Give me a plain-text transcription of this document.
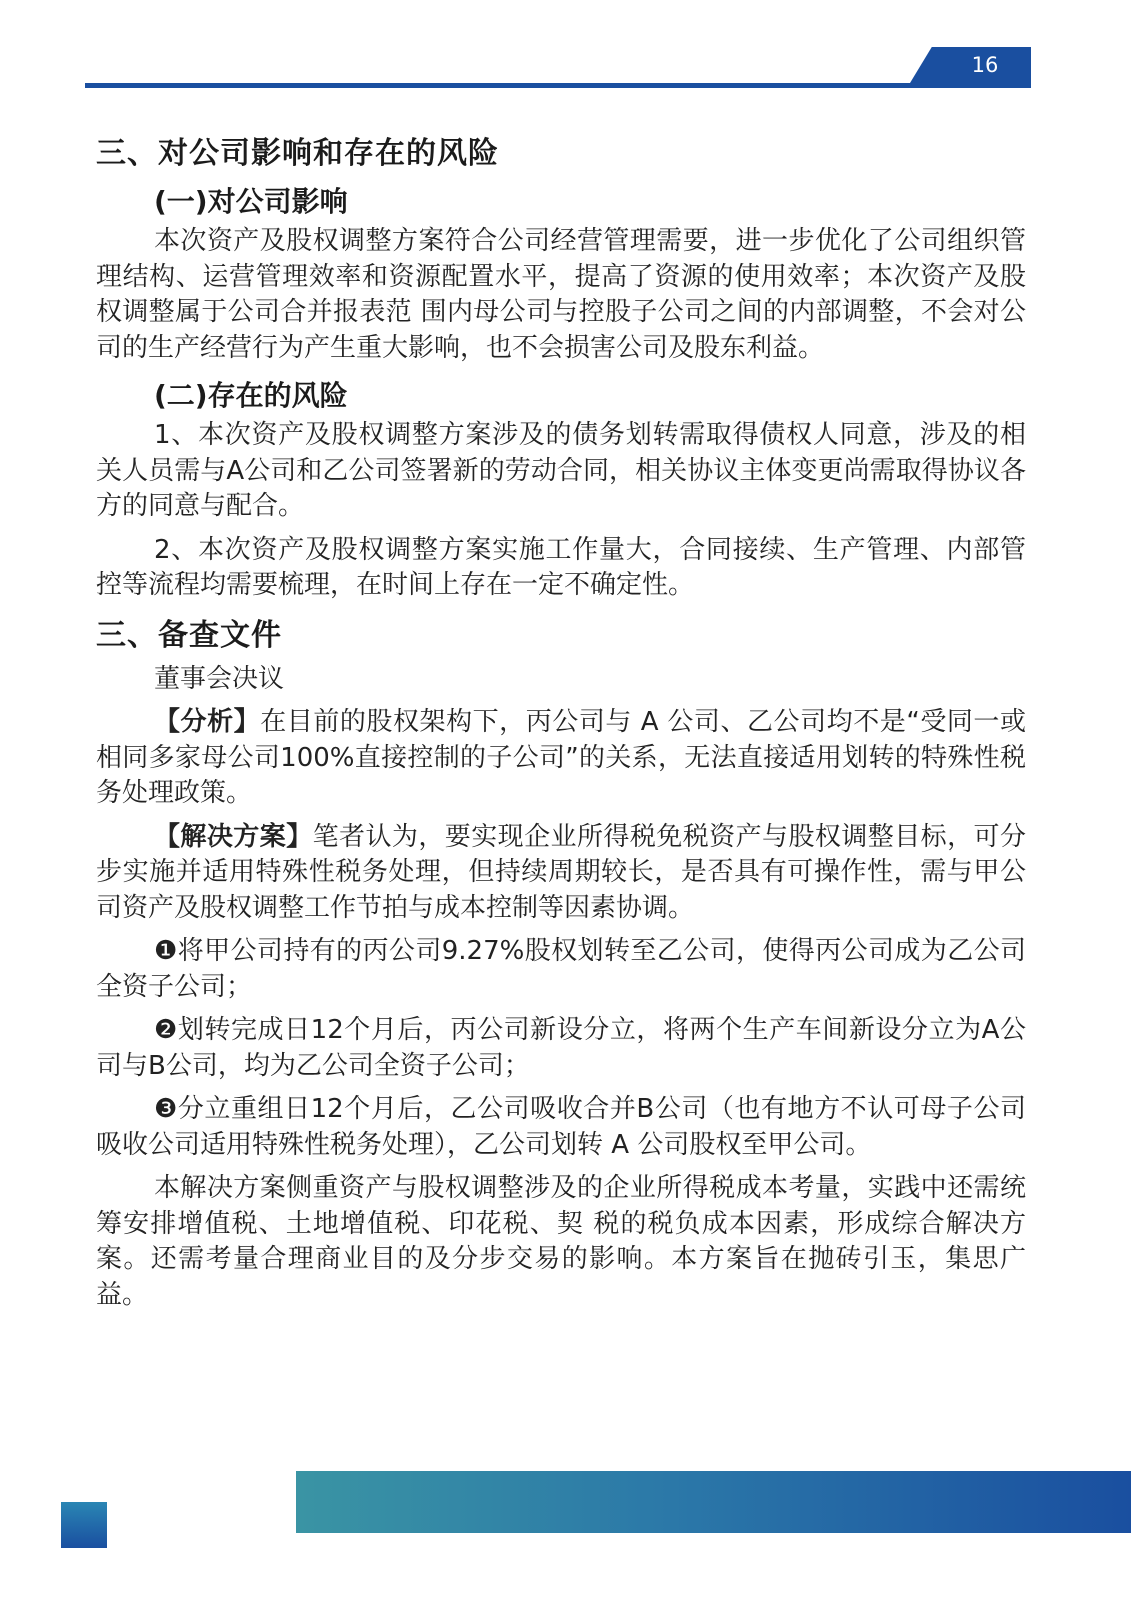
16
三、对公司影响和存在的风险
(一)对公司影响

本次资产及股权调整方案符合公司经营管理需要，进一步优化了公司组织管理结构、运营管理效率和资源配置水平，提高了资源的使用效率；本次资产及股权调整属于公司合并报表范 围内母公司与控股子公司之间的内部调整，不会对公司的生产经营行为产生重大影响，也不会损害公司及股东利益。

(二)存在的风险

1、本次资产及股权调整方案涉及的债务划转需取得债权人同意，涉及的相关人员需与A公司和乙公司签署新的劳动合同，相关协议主体变更尚需取得协议各方的同意与配合。

2、本次资产及股权调整方案实施工作量大，合同接续、生产管理、内部管控等流程均需要梳理，在时间上存在一定不确定性。

三、备查文件

董事会决议

【分析】在目前的股权架构下，丙公司与 A 公司、乙公司均不是“受同一或相同多家母公司100%直接控制的子公司”的关系，无法直接适用划转的特殊性税务处理政策。

【解决方案】笔者认为，要实现企业所得税免税资产与股权调整目标，可分步实施并适用特殊性税务处理，但持续周期较长，是否具有可操作性，需与甲公司资产及股权调整工作节拍与成本控制等因素协调。

❶将甲公司持有的丙公司9.27%股权划转至乙公司，使得丙公司成为乙公司全资子公司；

❷划转完成日12个月后，丙公司新设分立，将两个生产车间新设分立为A公司与B公司，均为乙公司全资子公司；

❸分立重组日12个月后，乙公司吸收合并B公司（也有地方不认可母子公司吸收公司适用特殊性税务处理），乙公司划转 A 公司股权至甲公司。

本解决方案侧重资产与股权调整涉及的企业所得税成本考量，实践中还需统筹安排增值税、土地增值税、印花税、契 税的税负成本因素，形成综合解决方案。还需考量合理商业目的及分步交易的影响。本方案旨在抛砖引玉，集思广益。
